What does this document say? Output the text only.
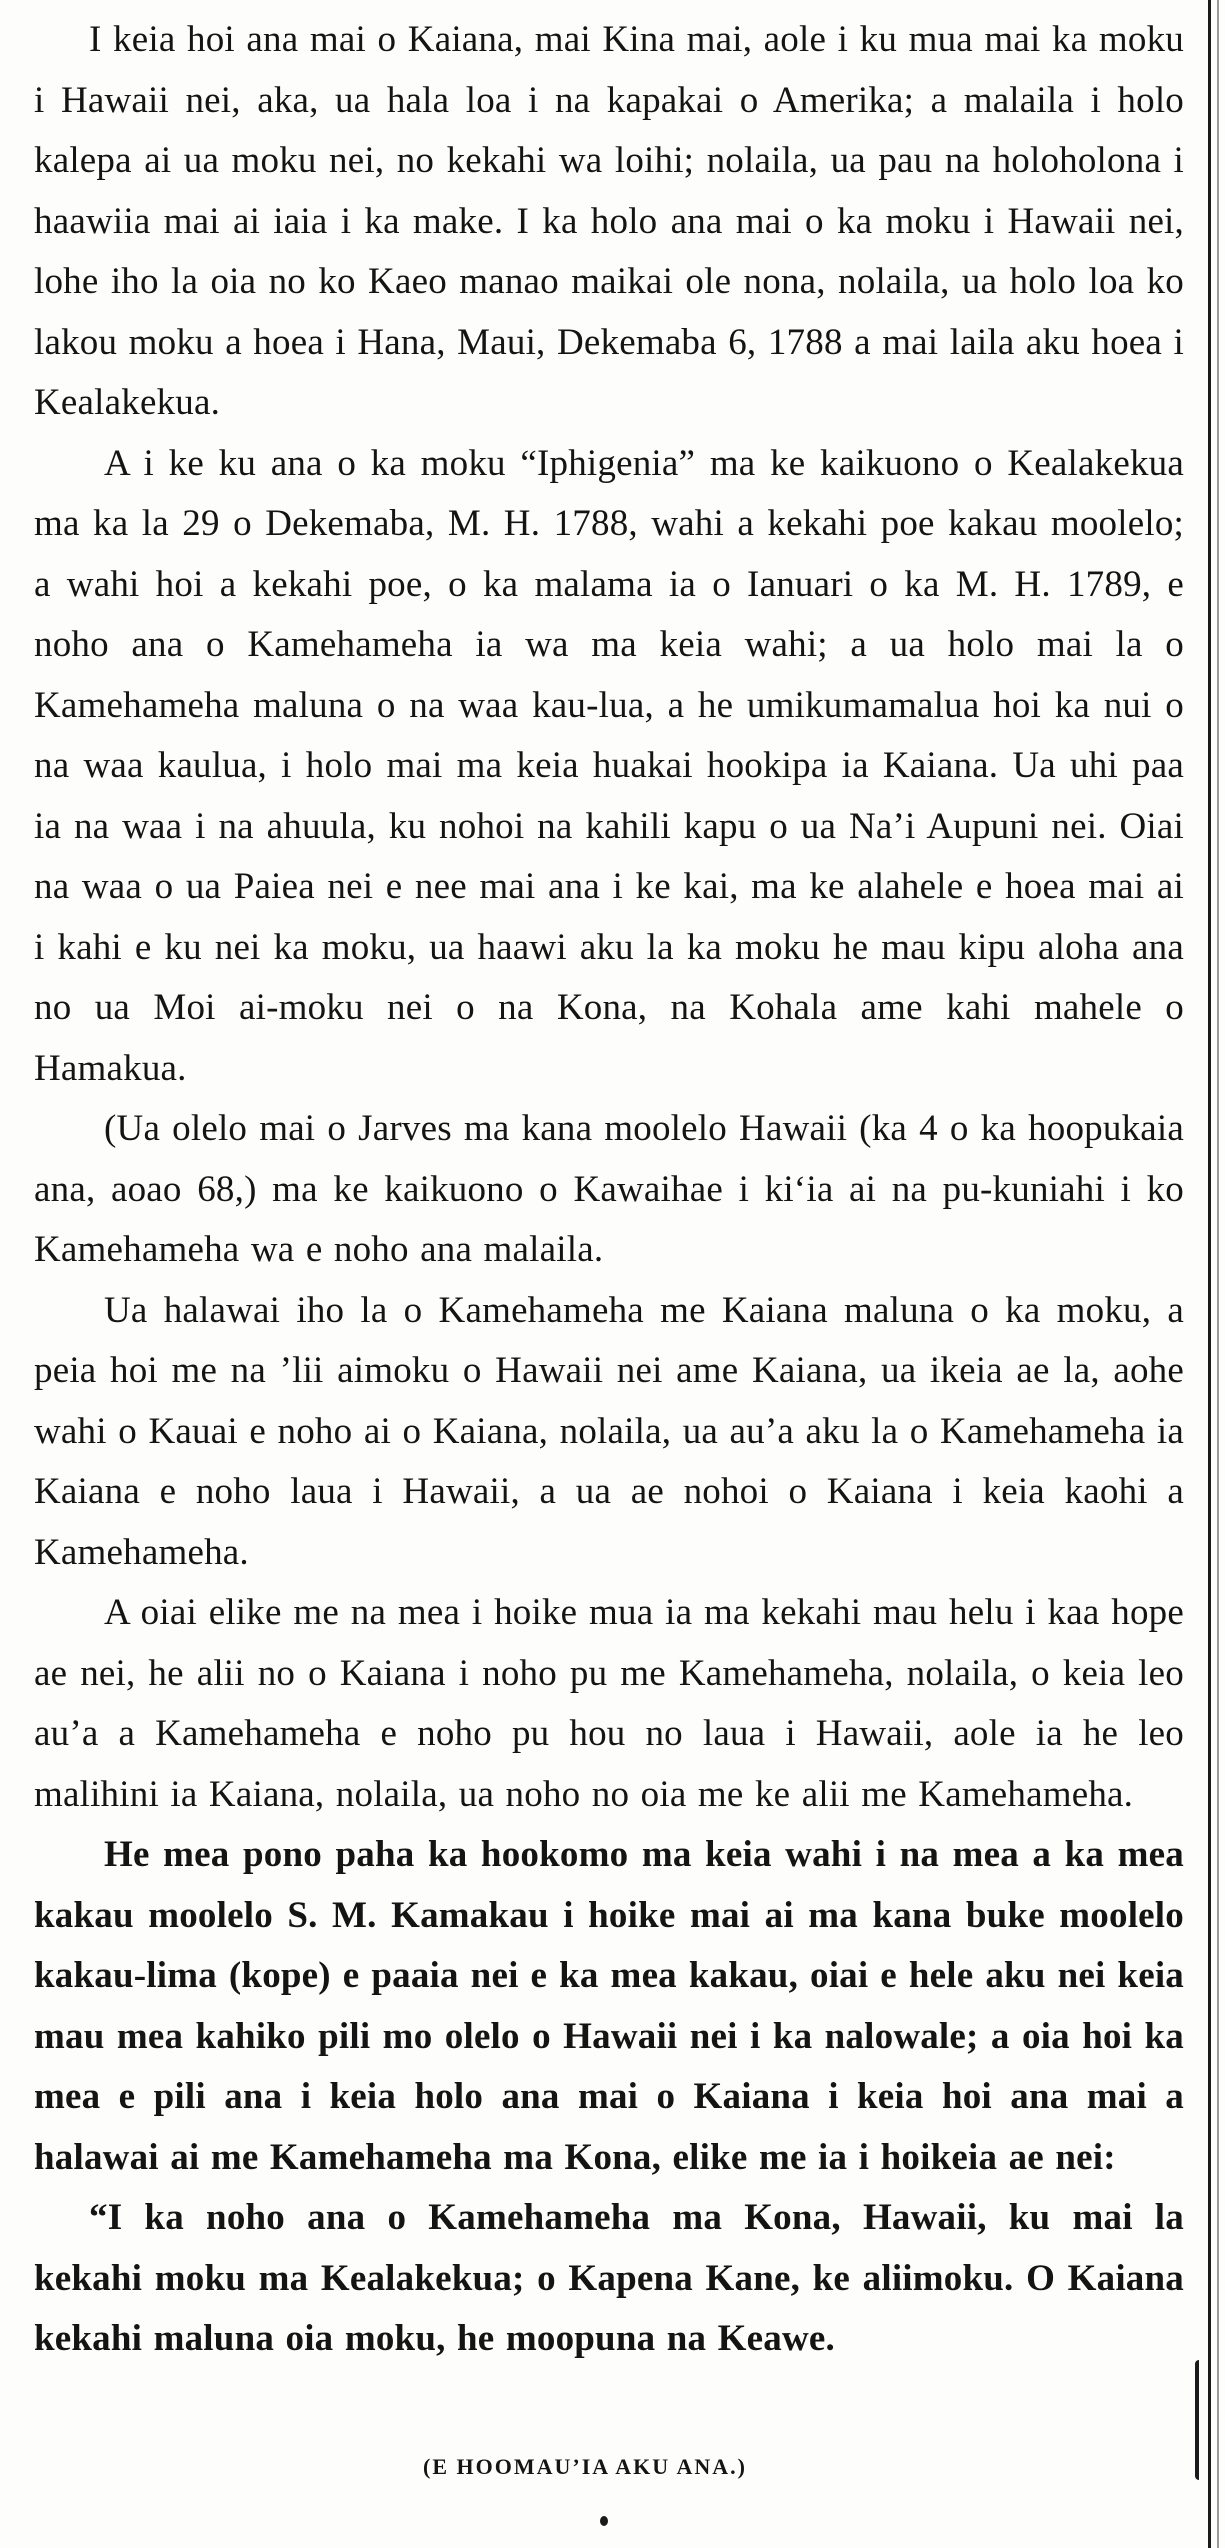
I keia hoi ana mai o Kaiana, mai Kina mai, aole i ku mua mai ka moku i Hawaii nei, aka, ua hala loa i na kapakai o Amerika; a malaila i holo kalepa ai ua moku nei, no kekahi wa loihi; nolaila, ua pau na holoholona i haawiia mai ai iaia i ka make. I ka holo ana mai o ka moku i Hawaii nei, lohe iho la oia no ko Kaeo manao maikai ole nona, nolaila, ua holo loa ko lakou moku a hoea i Hana, Maui, Dekemaba 6, 1788 a mai laila aku hoea i Kealakekua.

A i ke ku ana o ka moku “Iphigenia” ma ke kaikuono o Kealakekua ma ka la 29 o Dekemaba, M. H. 1788, wahi a kekahi poe kakau moolelo; a wahi hoi a kekahi poe, o ka malama ia o Ianuari o ka M. H. 1789, e noho ana o Kamehameha ia wa ma keia wahi; a ua holo mai la o Kamehameha maluna o na waa kau-lua, a he umikumamalua hoi ka nui o na waa kaulua, i holo mai ma keia huakai hookipa ia Kaiana. Ua uhi paa ia na waa i na ahuula, ku nohoi na kahili kapu o ua Na’i Aupuni nei. Oiai na waa o ua Paiea nei e nee mai ana i ke kai, ma ke alahele e hoea mai ai i kahi e ku nei ka moku, ua haawi aku la ka moku he mau kipu aloha ana no ua Moi ai-moku nei o na Kona, na Kohala ame kahi mahele o Hamakua.

(Ua olelo mai o Jarves ma kana moolelo Hawaii (ka 4 o ka hoopukaia ana, aoao 68,) ma ke kaikuono o Kawaihae i ki‘ia ai na pu-kuniahi i ko Kamehameha wa e noho ana malaila.

Ua halawai iho la o Kamehameha me Kaiana maluna o ka moku, a peia hoi me na ’lii aimoku o Hawaii nei ame Kaiana, ua ikeia ae la, aohe wahi o Kauai e noho ai o Kaiana, nolaila, ua au’a aku la o Kamehameha ia Kaiana e noho laua i Hawaii, a ua ae nohoi o Kaiana i keia kaohi a Kamehameha.

A oiai elike me na mea i hoike mua ia ma kekahi mau helu i kaa hope ae nei, he alii no o Kaiana i noho pu me Kamehameha, nolaila, o keia leo au’a a Kamehameha e noho pu hou no laua i Hawaii, aole ia he leo malihini ia Kaiana, nolaila, ua noho no oia me ke alii me Kamehameha.

He mea pono paha ka hookomo ma keia wahi i na mea a ka mea kakau moolelo S. M. Kamakau i hoike mai ai ma kana buke moolelo kakau-lima (kope) e paaia nei e ka mea kakau, oiai e hele aku nei keia mau mea kahiko pili mo olelo o Hawaii nei i ka nalowale; a oia hoi ka mea e pili ana i keia holo ana mai o Kaiana i keia hoi ana mai a halawai ai me Kamehameha ma Kona, elike me ia i hoikeia ae nei:

“I ka noho ana o Kamehameha ma Kona, Hawaii, ku mai la kekahi moku ma Kealakekua; o Kapena Kane, ke aliimoku. O Kaiana kekahi maluna oia moku, he moopuna na Keawe.

(E HOOMAU’IA AKU ANA.)
